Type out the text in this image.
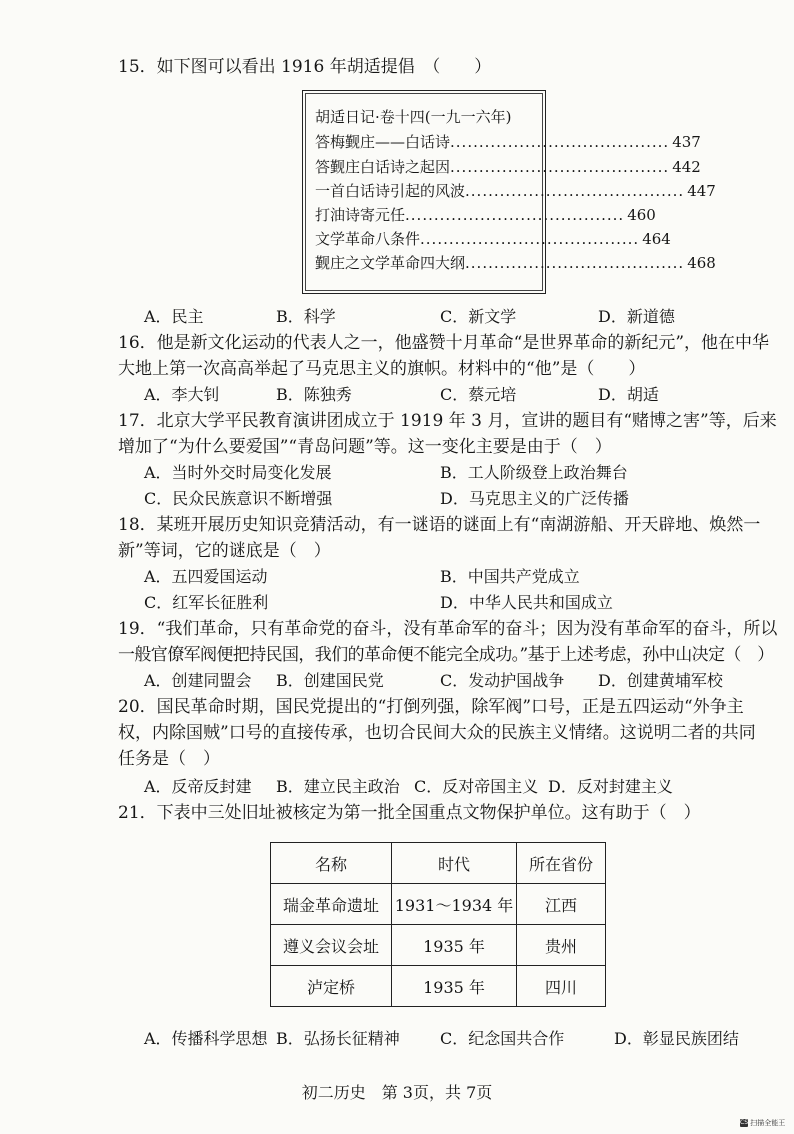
15．如下图可以看出 1916 年胡适提倡　（　　）
胡适日记·卷十四(一九一六年)
答梅觐庄——白话诗 ...................................... 437
答觐庄白话诗之起因 ...................................... 442
一首白话诗引起的风波 ...................................... 447
打油诗寄元任 ...................................... 460
文学革命八条件 ...................................... 464
觐庄之文学革命四大纲 ...................................... 468
A．民主	B．科学	C．新文学	D．新道德
16．他是新文化运动的代表人之一，他盛赞十月革命“是世界革命的新纪元”，他在中华
大地上第一次高高举起了马克思主义的旗帜。材料中的“他”是（　　）
A．李大钊	B．陈独秀	C．蔡元培	D．胡适
17．北京大学平民教育演讲团成立于 1919 年 3 月，宣讲的题目有“赌博之害”等，后来
增加了“为什么要爱国”“青岛问题”等。这一变化主要是由于（　）
A．当时外交时局变化发展	B．工人阶级登上政治舞台
C．民众民族意识不断增强	D．马克思主义的广泛传播
18．某班开展历史知识竞猜活动，有一谜语的谜面上有“南湖游船、开天辟地、焕然一
新”等词，它的谜底是（　）
A．五四爱国运动	B．中国共产党成立
C．红军长征胜利	D．中华人民共和国成立
19．“我们革命，只有革命党的奋斗，没有革命军的奋斗；因为没有革命军的奋斗，所以
一般官僚军阀便把持民国，我们的革命便不能完全成功。”基于上述考虑，孙中山决定（　）
A．创建同盟会 B．创建国民党	C．发动护国战争 D．创建黄埔军校
20．国民革命时期，国民党提出的“打倒列强，除军阀”口号，正是五四运动“外争主
权，内除国贼”口号的直接传承，也切合民间大众的民族主义情绪。这说明二者的共同
任务是（　）
A．反帝反封建 B．建立民主政治 C．反对帝国主义 D．反对封建主义
21．下表中三处旧址被核定为第一批全国重点文物保护单位。这有助于（　）
名称	时代	所在省份
瑞金革命遗址	1931～1934 年	江西
遵义会议会址	1935 年	贵州
泸定桥	1935 年	四川
A．传播科学思想 B．弘扬长征精神	C．纪念国共合作	D．彰显民族团结
初二历史　第 3页，共 7页
CS 扫描全能王
